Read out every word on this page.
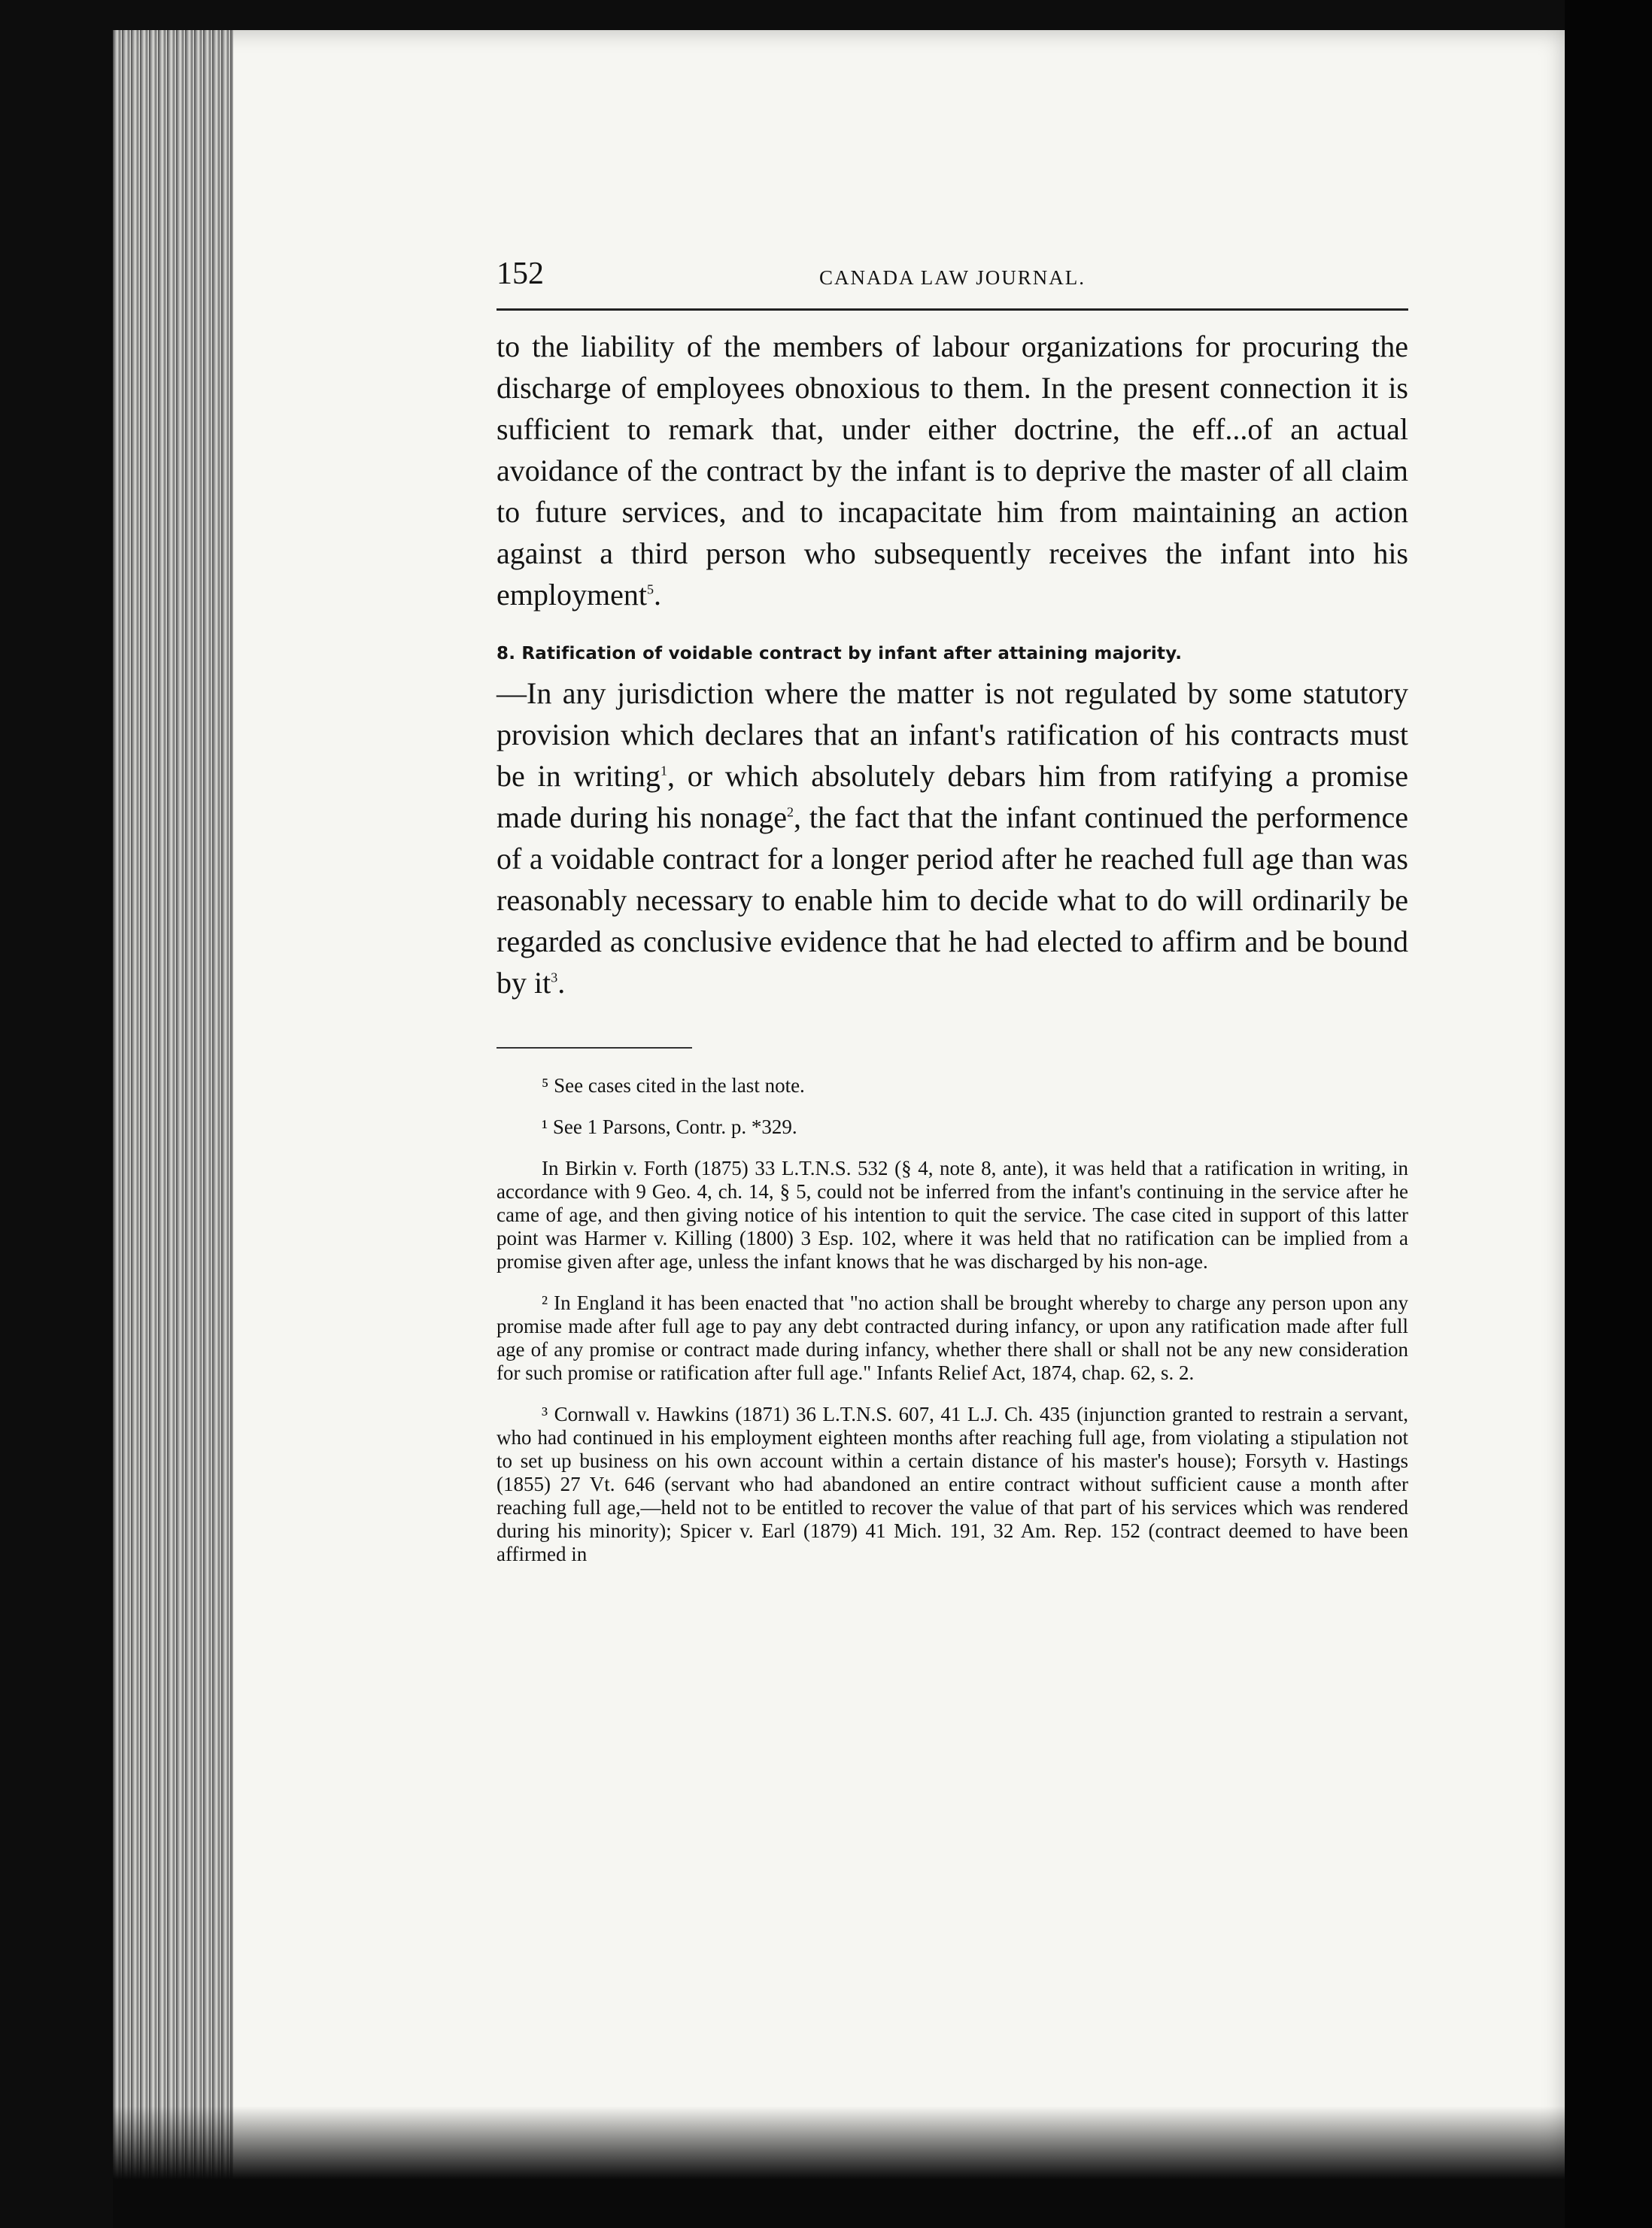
152	CANADA LAW JOURNAL.

to the liability of the members of labour organizations for procuring the discharge of employees obnoxious to them. In the present connection it is sufficient to remark that, under either doctrine, the eff...of an actual avoidance of the contract by the infant is to deprive the master of all claim to future services, and to incapacitate him from maintaining an action against a third person who subsequently receives the infant into his employment$^5$.

8. Ratification of voidable contract by infant after attaining majority.

—In any jurisdiction where the matter is not regulated by some statutory provision which declares that an infant's ratification of his contracts must be in writing$^1$, or which absolutely debars him from ratifying a promise made during his nonage$^2$, the fact that the infant continued the performence of a voidable contract for a longer period after he reached full age than was reasonably necessary to enable him to decide what to do will ordinarily be regarded as conclusive evidence that he had elected to affirm and be bound by $it^3$.

⁵ See cases cited in the last note.

¹ See 1 Parsons, Contr. p. *329.

In Birkin v. Forth (1875) 33 L.T.N.S. 532 (§ 4, note 8, ante), it was held that a ratification in writing, in accordance with 9 Geo. 4, ch. 14, § 5, could not be inferred from the infant's continuing in the service after he came of age, and then giving notice of his intention to quit the service. The case cited in support of this latter point was Harmer v. Killing (1800) 3 Esp. 102, where it was held that no ratification can be implied from a promise given after age, unless the infant knows that he was discharged by his non-age.

² In England it has been enacted that "no action shall be brought whereby to charge any person upon any promise made after full age to pay any debt contracted during infancy, or upon any ratification made after full age of any promise or contract made during infancy, whether there shall or shall not be any new consideration for such promise or ratification after full age." Infants Relief Act, 1874, chap. 62, s. 2.

³ Cornwall v. Hawkins (1871) 36 L.T.N.S. 607, 41 L.J. Ch. 435 (injunction granted to restrain a servant, who had continued in his employment eighteen months after reaching full age, from violating a stipulation not to set up business on his own account within a certain distance of his master's house); Forsyth v. Hastings (1855) 27 Vt. 646 (servant who had abandoned an entire contract without sufficient cause a month after reaching full age,—held not to be entitled to recover the value of that part of his services which was rendered during his minority); Spicer v. Earl (1879) 41 Mich. 191, 32 Am. Rep. 152 (contract deemed to have been affirmed in
